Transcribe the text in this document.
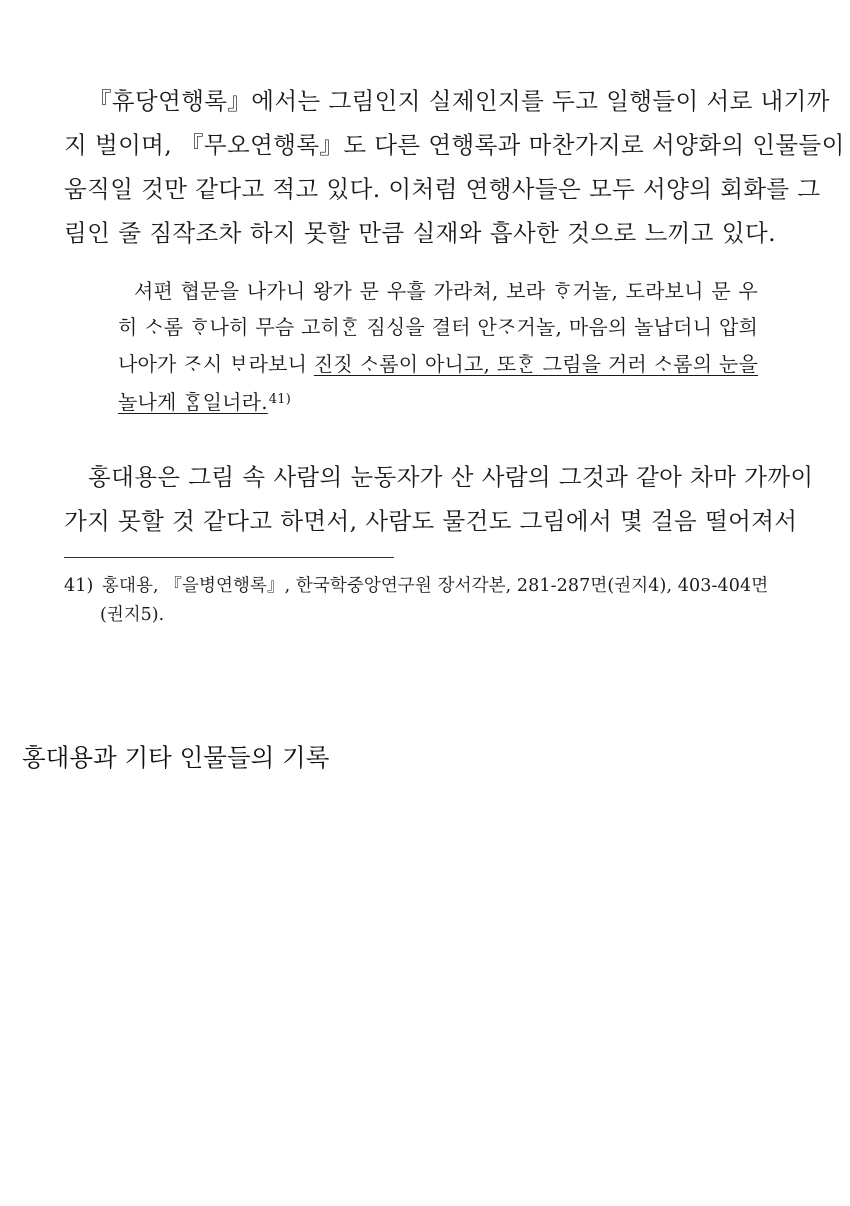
『휴당연행록』에서는 그림인지 실제인지를 두고 일행들이 서로 내기까
지 벌이며, 『무오연행록』도 다른 연행록과 마찬가지로 서양화의 인물들이
움직일 것만 같다고 적고 있다. 이처럼 연행사들은 모두 서양의 회화를 그
림인 줄 짐작조차 하지 못할 만큼 실재와 흡사한 것으로 느끼고 있다.
셔편 협문을 나가니 왕가 문 우흘 가라쳐, 보라 ᄒᆞ거놀, 도라보니 문 우
히 ᄉᆞ롬 ᄒᆞ나히 무슴 고히ᄒᆞᆫ 짐싱을 결터 안ᄌᆞ거놀, 마음의 놀납더니 압희
나아가 ᄌᆞ시 ᄇᆞ라보니 진짓 ᄉᆞ롬이 아니고, 또ᄒᆞᆫ 그림을 거러 ᄉᆞ롬의 눈을
놀나게 ᄒᆞᆷ일너라.$^{41)}$
홍대용은 그림 속 사람의 눈동자가 산 사람의 그것과 같아 차마 가까이
가지 못할 것 같다고 하면서, 사람도 물건도 그림에서 몇 걸음 떨어져서
41) 홍대용, 『을병연행록』, 한국학중앙연구원 장서각본, 281-287면(권지4), 403-404면
(권지5).
홍대용과 기타 인물들의 기록
